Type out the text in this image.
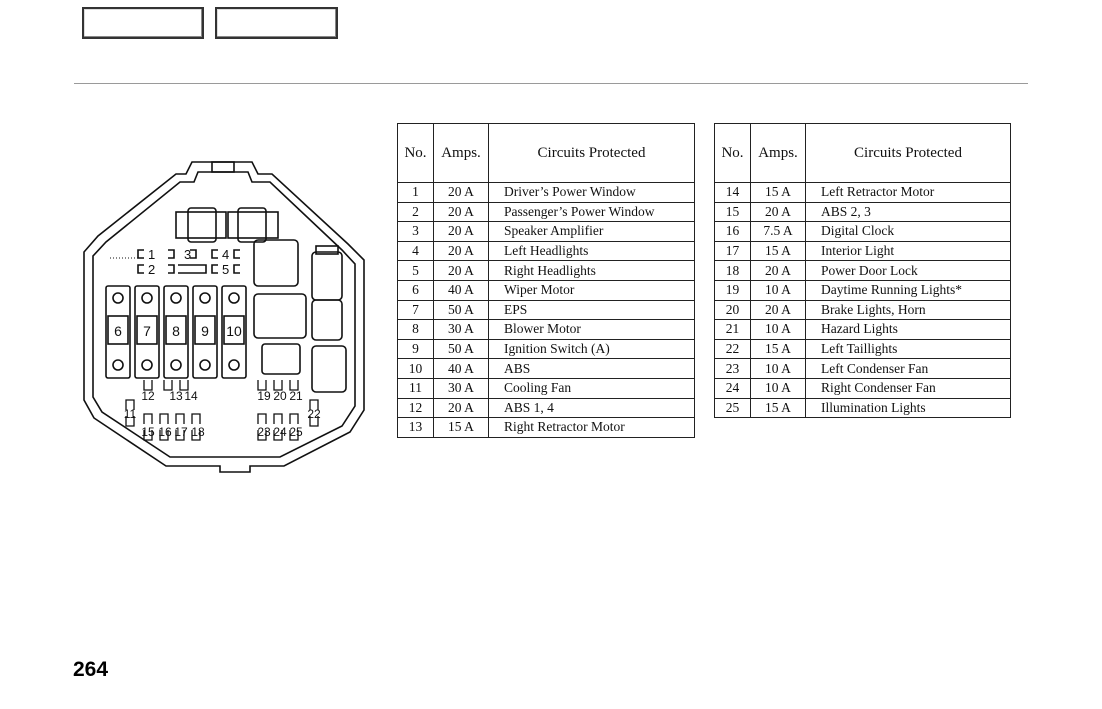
1 3 4
2	5
6 7 8 9 10
12 13 14
11
15 16 17 18
19 20 21
22
23 24 25
No.	Amps.	Circuits Protected
1	20 A	Driver’s Power Window
2	20 A	Passenger’s Power Window
3	20 A	Speaker Amplifier
4	20 A	Left Headlights
5	20 A	Right Headlights
6	40 A	Wiper Motor
7	50 A	EPS
8	30 A	Blower Motor
9	50 A	Ignition Switch (A)
10	40 A	ABS
11	30 A	Cooling Fan
12	20 A	ABS 1, 4
13	15 A	Right Retractor Motor
No.	Amps.	Circuits Protected
14	15 A	Left Retractor Motor
15	20 A	ABS 2, 3
16	7.5 A	Digital Clock
17	15 A	Interior Light
18	20 A	Power Door Lock
19	10 A	Daytime Running Lights*
20	20 A	Brake Lights, Horn
21	10 A	Hazard Lights
22	15 A	Left Taillights
23	10 A	Left Condenser Fan
24	10 A	Right Condenser Fan
25	15 A	Illumination Lights
264
